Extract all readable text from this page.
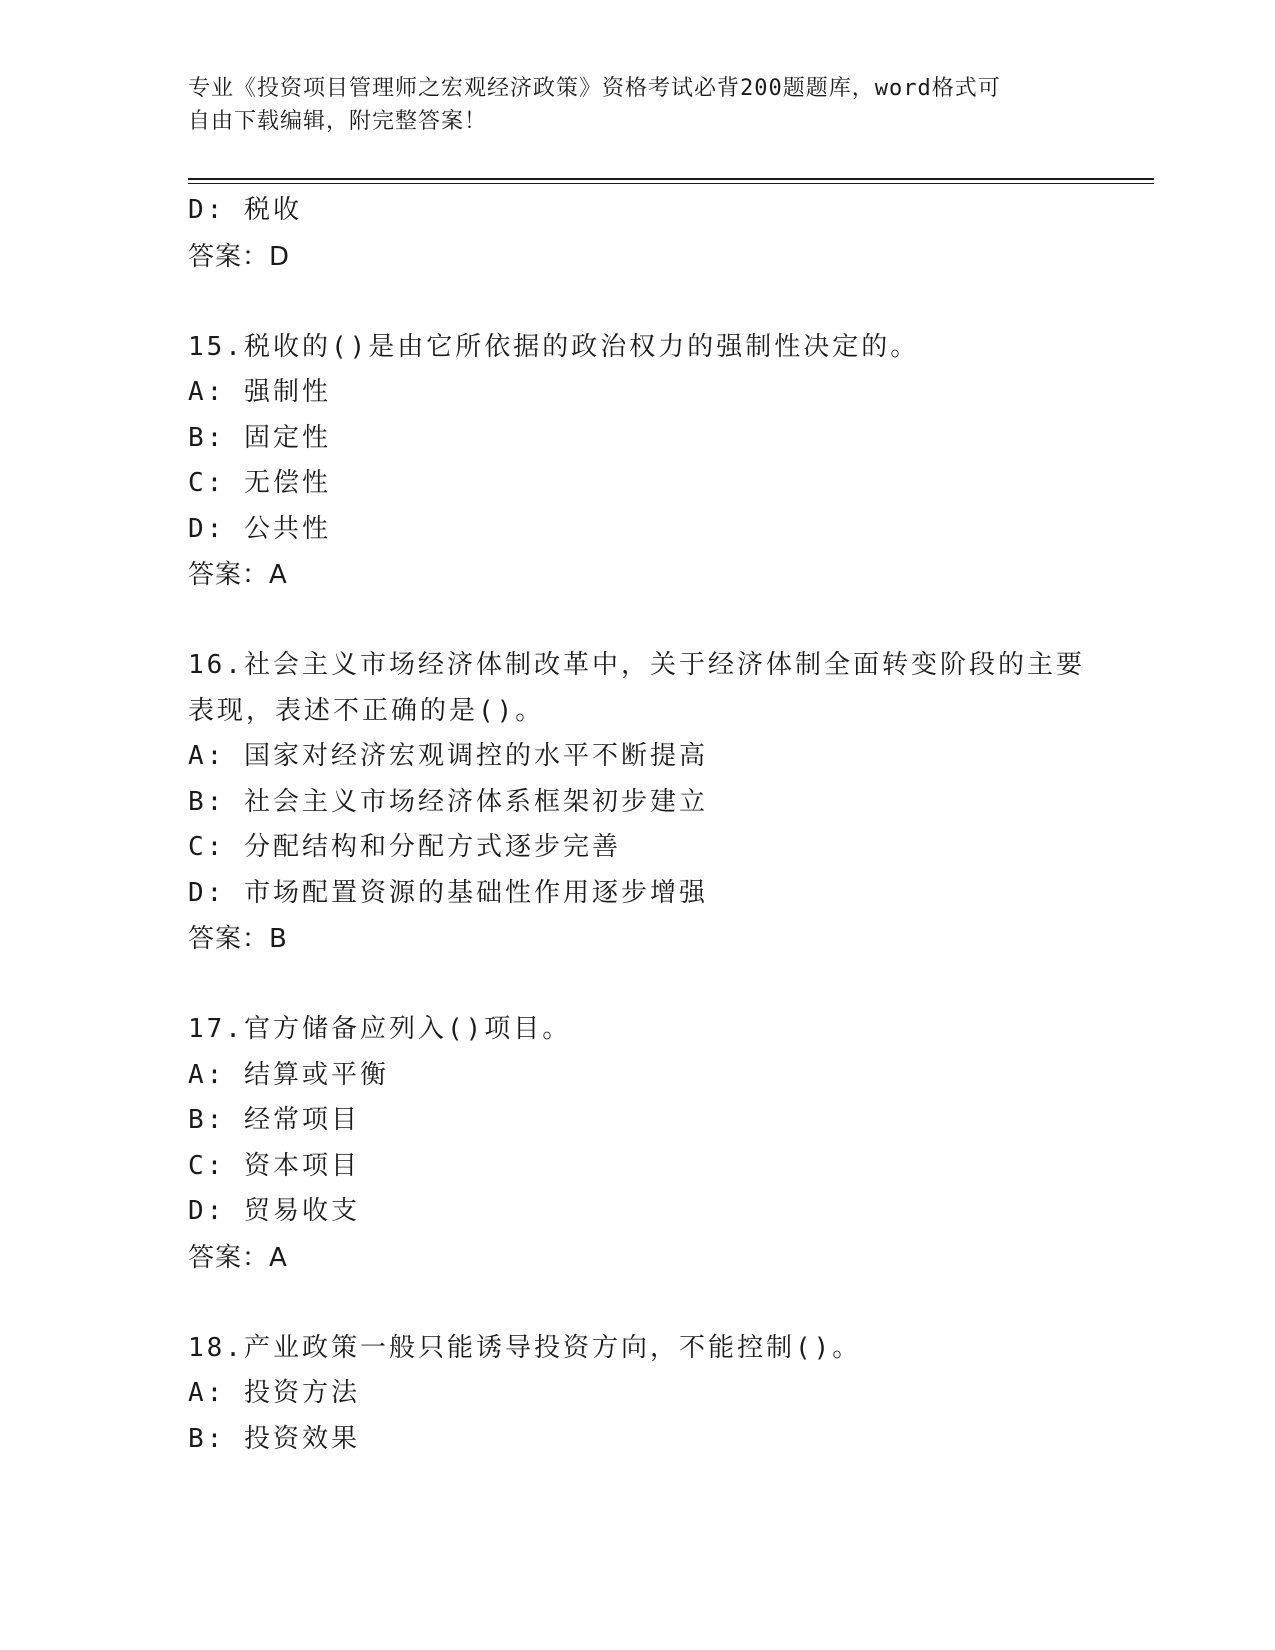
专业《投资项目管理师之宏观经济政策》资格考试必背200题题库，word格式可
自由下载编辑，附完整答案！
D: 税收
答案：D
15.税收的()是由它所依据的政治权力的强制性决定的。
A: 强制性
B: 固定性
C: 无偿性
D: 公共性
答案：A
16.社会主义市场经济体制改革中，关于经济体制全面转变阶段的主要
表现，表述不正确的是()。
A: 国家对经济宏观调控的水平不断提高
B: 社会主义市场经济体系框架初步建立
C: 分配结构和分配方式逐步完善
D: 市场配置资源的基础性作用逐步增强
答案：B
17.官方储备应列入()项目。
A: 结算或平衡
B: 经常项目
C: 资本项目
D: 贸易收支
答案：A
18.产业政策一般只能诱导投资方向，不能控制()。
A: 投资方法
B: 投资效果
